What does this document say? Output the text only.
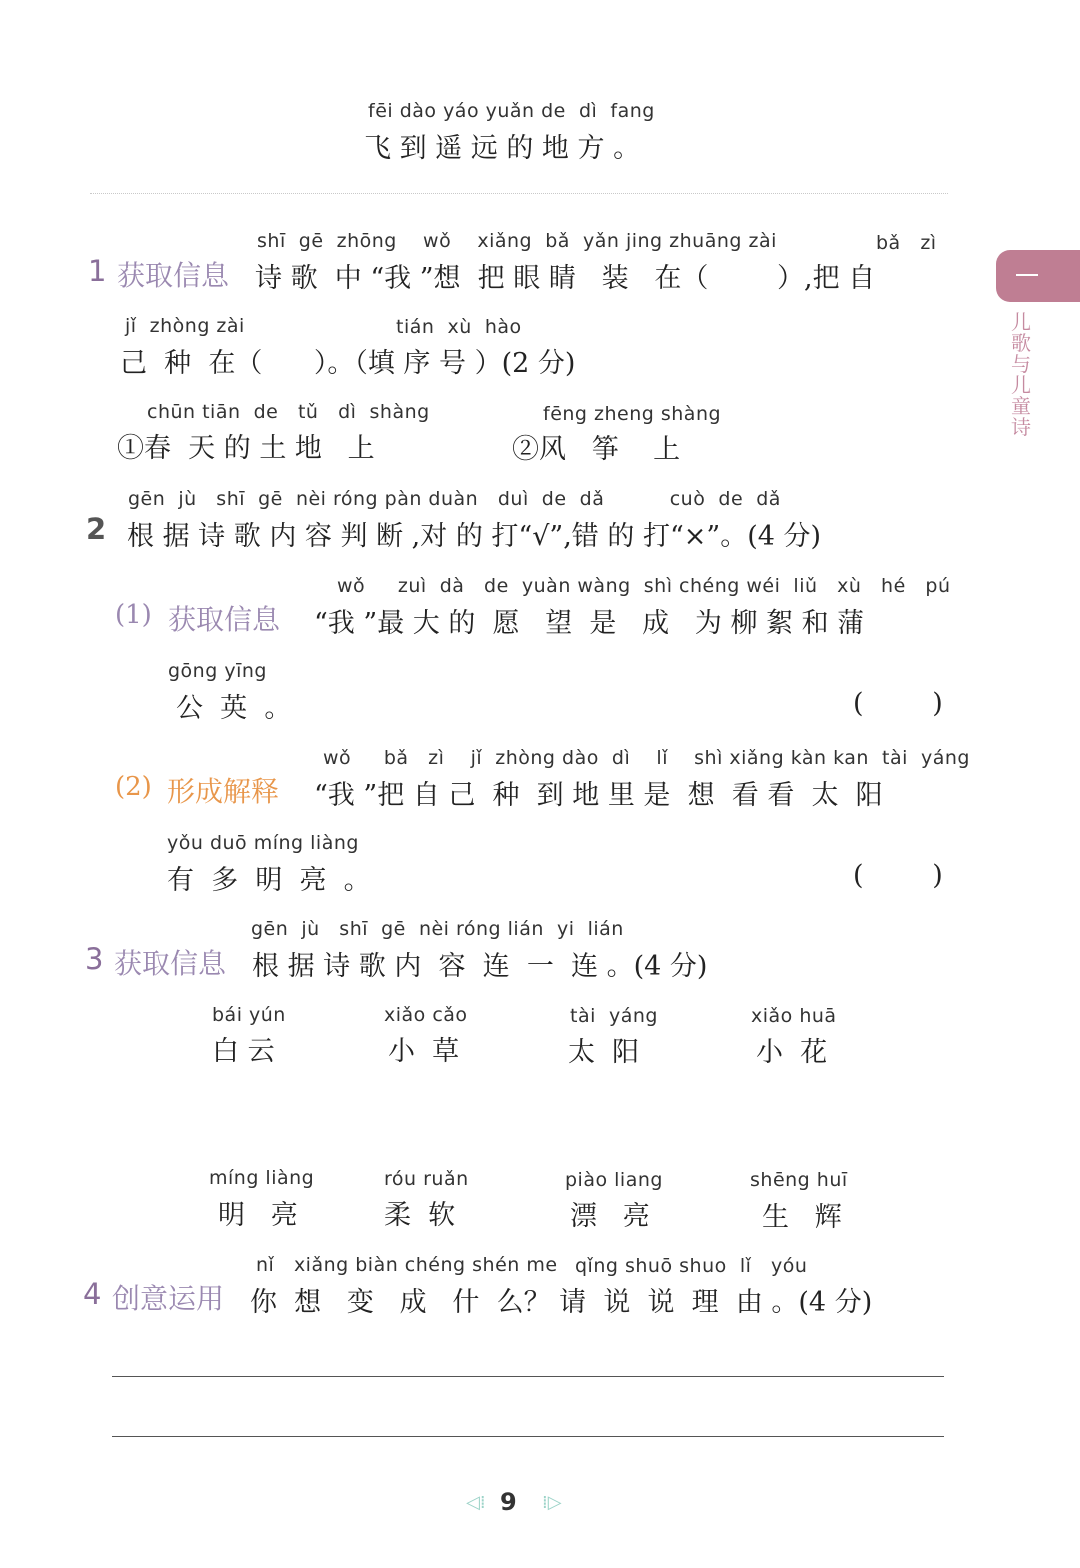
fēi dào yáo yuǎn de  dì  fang
飞 到 遥 远 的 地 方 。
儿歌与儿童诗
shī  gē  zhōng    wǒ    xiǎng  bǎ  yǎn jing zhuāng zài	bǎ   zì
1 获取信息 诗 歌  中 “我 ”想  把 眼 睛   装   在（        ）,把 自
jǐ  zhòng zài	tián  xù  hào
己  种  在（      ）。（填 序 号 ）(2 分)
chūn tiān  de   tǔ   dì  shàng
①春  天 的 土 地   上
fēng zheng shàng
②风   筝    上
gēn  jù   shī  gē  nèi róng pàn duàn   duì  de  dǎ          cuò  de  dǎ
2 根 据 诗 歌 内 容 判 断 ,对 的 打“√”,错 的 打“×”。(4 分)
wǒ     zuì  dà   de  yuàn wàng  shì chéng wéi  liǔ   xù   hé   pú
(1) 获取信息 “我 ”最 大 的  愿   望  是   成   为 柳 絮 和 蒲
gōng yīng
公  英  。	(        )
wǒ     bǎ   zì    jǐ  zhòng dào  dì    lǐ    shì xiǎng kàn kan  tài  yáng
(2) 形成解释 “我 ”把 自 己  种  到 地 里 是  想  看 看  太  阳
yǒu duō míng liàng
有  多  明  亮  。	(        )
gēn  jù   shī  gē  nèi róng lián  yi  lián
3 获取信息 根 据 诗 歌 内  容  连  一  连 。(4 分)
bái yún
白 云
xiǎo cǎo
小  草
tài  yáng
太  阳
xiǎo huā
小  花
míng liàng
明   亮
róu ruǎn
柔  软
piào liang
漂   亮
shēng huī
生   辉
nǐ   xiǎng biàn chéng shén me qǐng shuō shuo  lǐ   yóu
4 创意运用 你  想   变   成   什  么？ 请  说  说  理  由 。(4 分)
◁⁞ 9 ⁞▷
